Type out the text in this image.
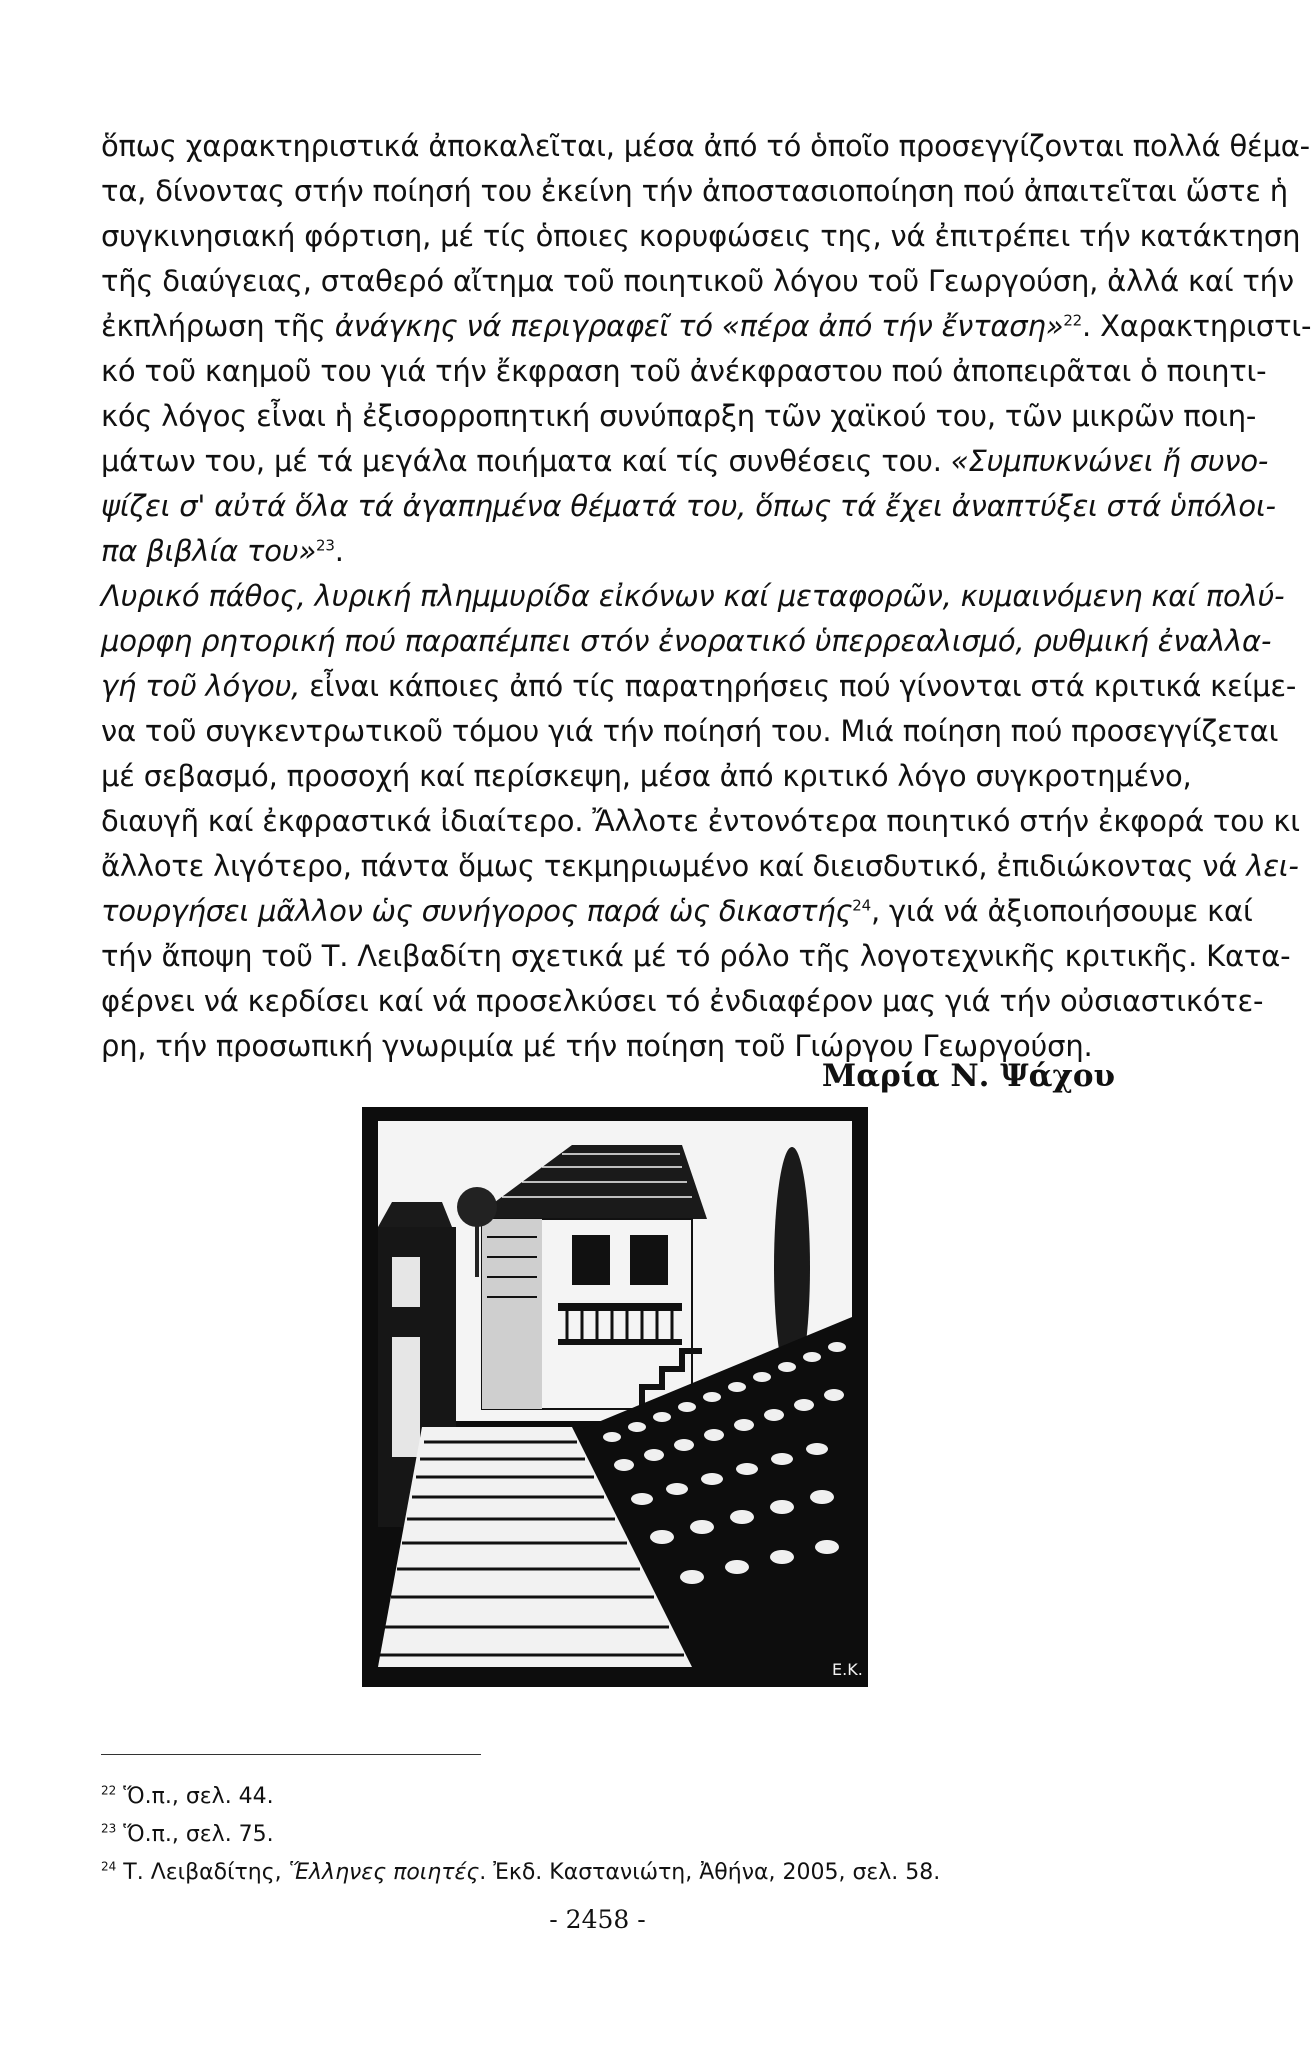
ὅπως χαρακτηριστικά ἀποκαλεῖται, μέσα ἀπό τό ὁποῖο προσεγγίζονται πολλά θέμα-
τα, δίνοντας στήν ποίησή του ἐκείνη τήν ἀποστασιοποίηση πού ἀπαιτεῖται ὥστε ἡ
συγκινησιακή φόρτιση, μέ τίς ὁποιες κορυφώσεις της, νά ἐπιτρέπει τήν κατάκτηση
τῆς διαύγειας, σταθερό αἴτημα τοῦ ποιητικοῦ λόγου τοῦ Γεωργούση, ἀλλά καί τήν
ἐκπλήρωση τῆς ἀνάγκης νά περιγραφεῖ τό «πέρα ἀπό τήν ἔνταση»$^{22}$. Χαρακτηριστι-
κό τοῦ καημοῦ του γιά τήν ἔκφραση τοῦ ἀνέκφραστου πού ἀποπειρᾶται ὁ ποιητι-
κός λόγος εἶναι ἡ ἐξισορροπητική συνύπαρξη τῶν χαϊκού του, τῶν μικρῶν ποιη-
μάτων του, μέ τά μεγάλα ποιήματα καί τίς συνθέσεις του. «Συμπυκνώνει ἤ συνο-
ψίζει σ' αὐτά ὅλα τά ἀγαπημένα θέματά του, ὅπως τά ἔχει ἀναπτύξει στά ὑπόλοι-
πα βιβλία του»$^{23}$.
Λυρικό πάθος, λυρική πλημμυρίδα εἰκόνων καί μεταφορῶν, κυμαινόμενη καί πολύ-
μορφη ρητορική πού παραπέμπει στόν ἐνορατικό ὑπερρεαλισμό, ρυθμική ἐναλλα-
γή τοῦ λόγου, εἶναι κάποιες ἀπό τίς παρατηρήσεις πού γίνονται στά κριτικά κείμε-
να τοῦ συγκεντρωτικοῦ τόμου γιά τήν ποίησή του. Μιά ποίηση πού προσεγγίζεται
μέ σεβασμό, προσοχή καί περίσκεψη, μέσα ἀπό κριτικό λόγο συγκροτημένο,
διαυγῆ καί ἐκφραστικά ἰδιαίτερο. Ἄλλοτε ἐντονότερα ποιητικό στήν ἐκφορά του κι
ἄλλοτε λιγότερο, πάντα ὅμως τεκμηριωμένο καί διεισδυτικό, ἐπιδιώκοντας νά λει-
τουργήσει μᾶλλον ὡς συνήγορος παρά ὡς δικαστής$^{24}$, γιά νά ἀξιοποιήσουμε καί
τήν ἄποψη τοῦ Τ. Λειβαδίτη σχετικά μέ τό ρόλο τῆς λογοτεχνικῆς κριτικῆς. Κατα-
φέρνει νά κερδίσει καί νά προσελκύσει τό ἐνδιαφέρον μας γιά τήν οὐσιαστικότε-
ρη, τήν προσωπική γνωριμία μέ τήν ποίηση τοῦ Γιώργου Γεωργούση.
Μαρία Ν. Ψάχου
Ε.Κ.
$^{22}$ Ὅ.π., σελ. 44.
$^{23}$ Ὅ.π., σελ. 75.
$^{24}$ Τ. Λειβαδίτης, Ἕλληνες ποιητές. Ἐκδ. Καστανιώτη, Ἀθήνα, 2005, σελ. 58.
- 2458 -
